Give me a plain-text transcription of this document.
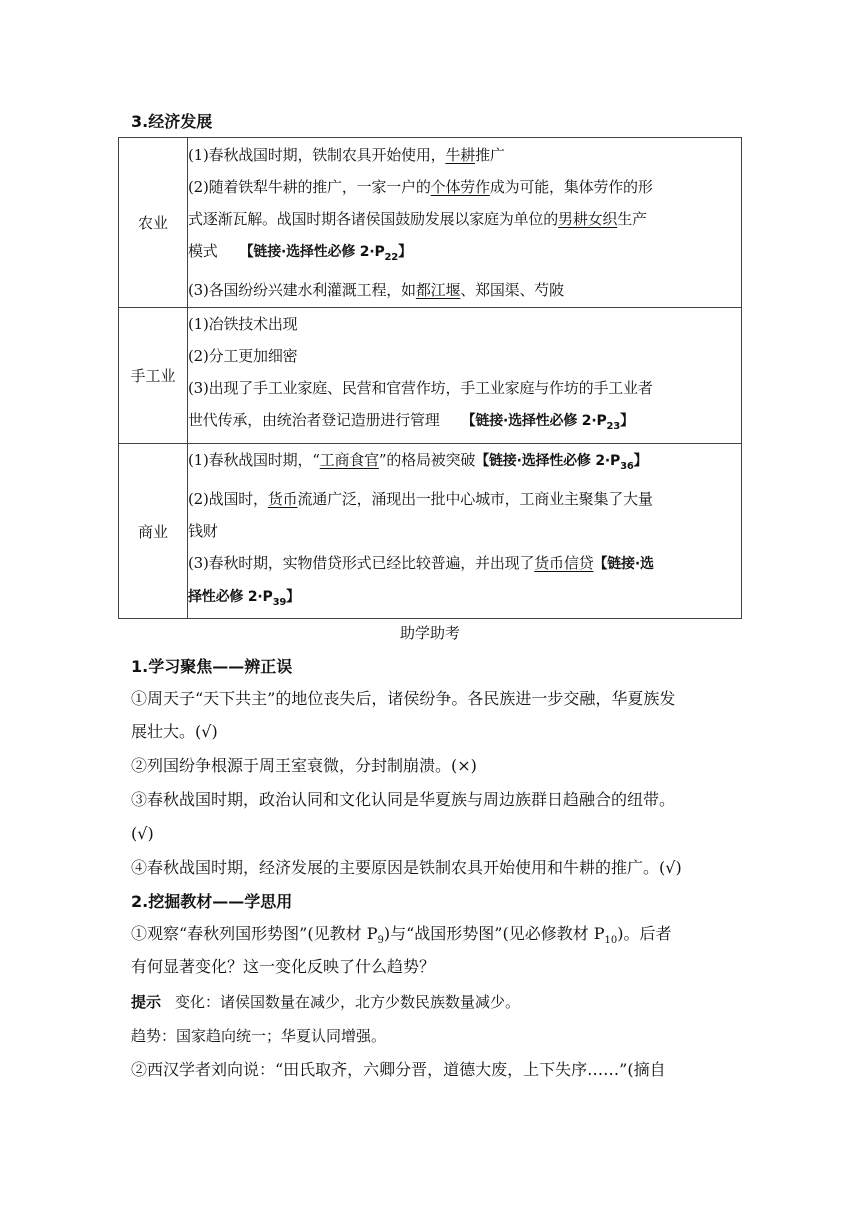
3.经济发展
农业	(1)春秋战国时期，铁制农具开始使用，牛耕推广
(2)随着铁犁牛耕的推广，一家一户的个体劳作成为可能，集体劳作的形
式逐渐瓦解。战国时期各诸侯国鼓励发展以家庭为单位的男耕女织生产
模式 【链接·选择性必修 $2\cdot P_{22}$】
(3)各国纷纷兴建水利灌溉工程，如都江堰、郑国渠、芍陂

手工业	(1)冶铁技术出现
(2)分工更加细密
(3)出现了手工业家庭、民营和官营作坊，手工业家庭与作坊的手工业者
世代传承，由统治者登记造册进行管理 【链接·选择性必修 $2\cdot P_{23}$】

商业	(1)春秋战国时期，“工商食官”的格局被突破【链接·选择性必修 $2\cdot P_{36}$】
(2)战国时，货币流通广泛，涌现出一批中心城市，工商业主聚集了大量
钱财
(3)春秋时期，实物借贷形式已经比较普遍，并出现了货币信贷【链接·选
择性必修 $2\cdot P_{39}$】
助学助考
1.学习聚焦——辨正误
①周天子“天下共主”的地位丧失后，诸侯纷争。各民族进一步交融，华夏族发
展壮大。(√)
②列国纷争根源于周王室衰微，分封制崩溃。(×)
③春秋战国时期，政治认同和文化认同是华夏族与周边族群日趋融合的纽带。
(√)
④春秋战国时期，经济发展的主要原因是铁制农具开始使用和牛耕的推广。(√)
2.挖掘教材——学思用
①观察“春秋列国形势图”(见教材 $P_9$)与“战国形势图”(见必修教材 $P_{10}$)。后者
有何显著变化？这一变化反映了什么趋势？
提示 变化：诸侯国数量在减少，北方少数民族数量减少。
趋势：国家趋向统一；华夏认同增强。
②西汉学者刘向说：“田氏取齐，六卿分晋，道德大废，上下失序……”(摘自
